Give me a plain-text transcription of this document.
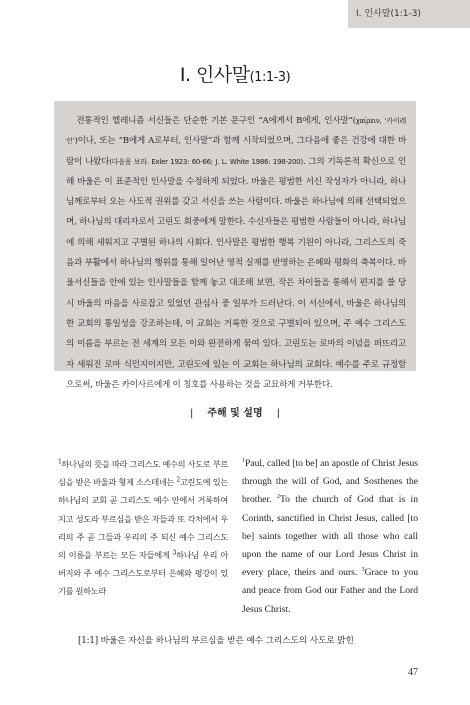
I. 인사말(1:1-3)
I. 인사말(1:1-3)

전통적인 헬레니즘 서신들은 단순한 기본 문구인 “A에게서 B에게, 인사말”(χαίρειν, ‘카이레인’)이나, 또는 “B에게 A로부터, 인사말”과 함께 시작되었으며, 그다음에 좋은 건강에 대한 바람이 나왔다(다음을 보라. Exler 1923: 60-66; J. L. White 1986: 198-200). 그의 기독론적 확신으로 인해 바울은 이 표준적인 인사말을 수정하게 되었다. 바울은 평범한 서신 작성자가 아니라, 하나님께로부터 오는 사도적 권위를 갖고 서신을 쓰는 사람이다. 바울은 하나님에 의해 선택되었으며, 하나님의 대리자로서 고린도 회중에게 말한다. 수신자들은 평범한 사람들이 아니라, 하나님에 의해 세워지고 구별된 하나의 사회다. 인사말은 평범한 행복 기원이 아니라, 그리스도의 죽음과 부활에서 하나님의 행위를 통해 일어난 영적 실재를 반영하는 은혜와 평화의 축복이다. 바울서신들을 안에 있는 인사말들을 함께 놓고 대조해 보면, 작은 차이들을 통해서 편지를 쓸 당시 바울의 마음을 사로잡고 있었던 관심사 중 일부가 드러난다. 이 서신에서, 바울은 하나님의 한 교회의 통일성을 강조하는데, 이 교회는 거룩한 것으로 구별되어 있으며, 주 예수 그리스도의 이름을 부르는 전 세계의 모든 이와 완전하게 묶여 있다. 고린도는 로마의 이념을 퍼뜨리고자 세워진 로마 식민지이지만, 고린도에 있는 이 교회는 하나님의 교회다. 예수를 주로 규정함으로써, 바울은 카이사르에게 이 칭호를 사용하는 것을 교묘하게 거부한다.

| 주해 및 설명 |
$^1$하나님의 뜻을 따라 그리스도 예수의 사도로 부르심을 받은 바울과 형제 소스데네는 $^2$고린도에 있는 하나님의 교회 곧 그리스도 예수 안에서 거룩하여지고 성도라 부르심을 받은 자들과 또 각처에서 우리의 주 곧 그들과 우리의 주 되신 예수 그리스도의 이름을 부르는 모든 자들에게 $^3$하나님 우리 아버지와 주 예수 그리스도로부터 은혜와 평강이 있기를 원하노라
$^1$Paul, called [to be] an apostle of Christ Jesus through the will of God, and Sosthenes the brother. $^2$To the church of God that is in Corinth, sanctified in Christ Jesus, called [to be] saints together with all those who call upon the name of our Lord Jesus Christ in every place, theirs and ours. $^3$Grace to you and peace from God our Father and the Lord Jesus Christ.
[1:1] 바울은 자신을 하나님의 부르심을 받은 예수 그리스도의 사도로 밝힌
47
